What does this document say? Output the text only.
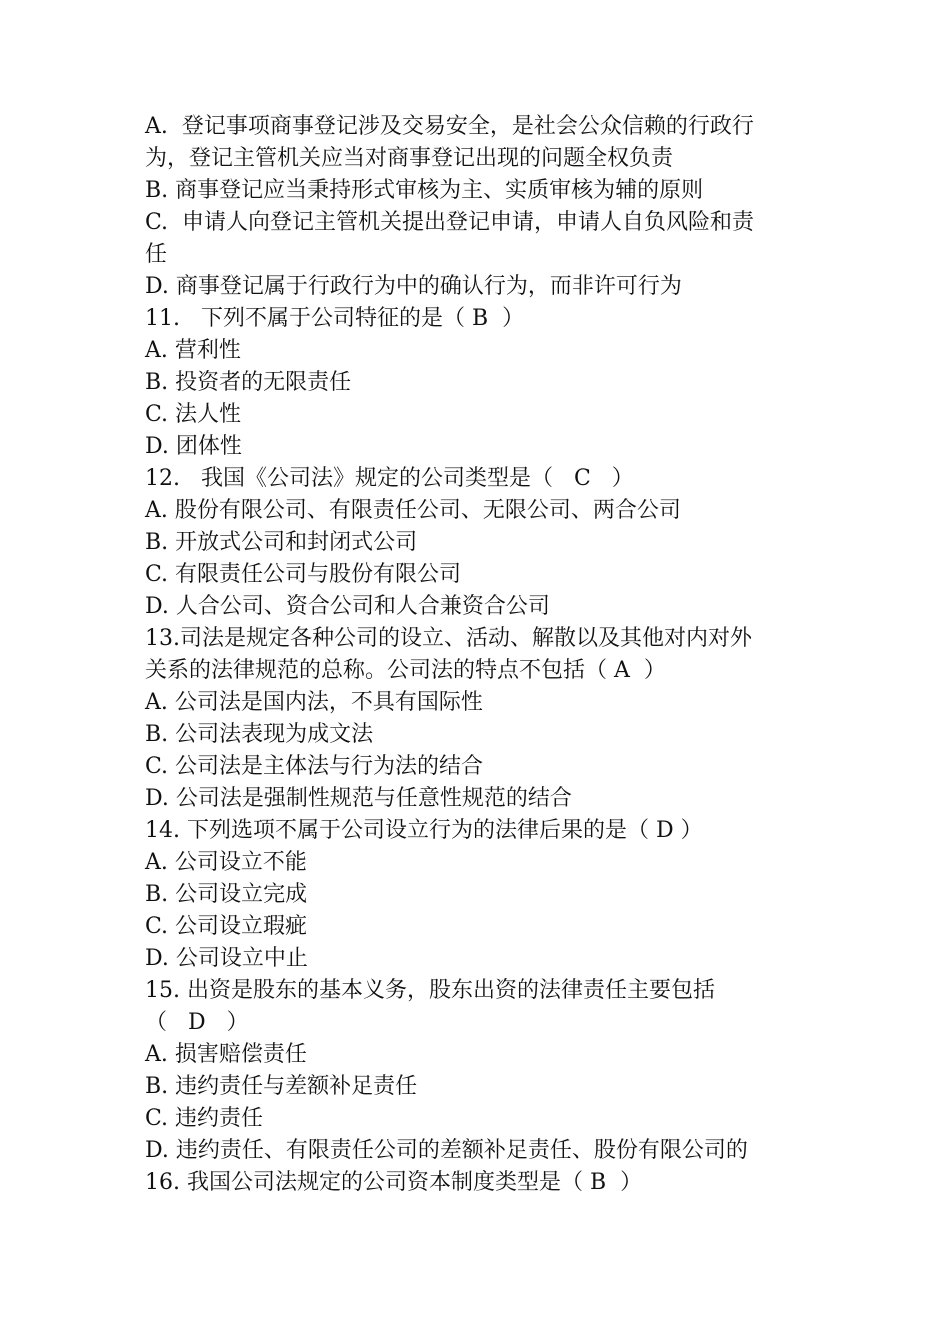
A.  登记事项商事登记涉及交易安全，是社会公众信赖的行政行
为，登记主管机关应当对商事登记出现的问题全权负责
B. 商事登记应当秉持形式审核为主、实质审核为辅的原则
C.  申请人向登记主管机关提出登记申请，申请人自负风险和责
任
D. 商事登记属于行政行为中的确认行为，而非许可行为
11.   下列不属于公司特征的是（ B  ）
A. 营利性
B. 投资者的无限责任
C. 法人性
D. 团体性
12.   我国《公司法》规定的公司类型是（   C   ）
A. 股份有限公司、有限责任公司、无限公司、两合公司
B. 开放式公司和封闭式公司
C. 有限责任公司与股份有限公司
D. 人合公司、资合公司和人合兼资合公司
13.司法是规定各种公司的设立、活动、解散以及其他对内对外
关系的法律规范的总称。公司法的特点不包括（ A  ）
A. 公司法是国内法，不具有国际性
B. 公司法表现为成文法
C. 公司法是主体法与行为法的结合
D. 公司法是强制性规范与任意性规范的结合
14. 下列选项不属于公司设立行为的法律后果的是（ D ）
A. 公司设立不能
B. 公司设立完成
C. 公司设立瑕疵
D. 公司设立中止
15. 出资是股东的基本义务，股东出资的法律责任主要包括
（   D   ）
A. 损害赔偿责任
B. 违约责任与差额补足责任
C. 违约责任
D. 违约责任、有限责任公司的差额补足责任、股份有限公司的
16. 我国公司法规定的公司资本制度类型是（ B  ）
